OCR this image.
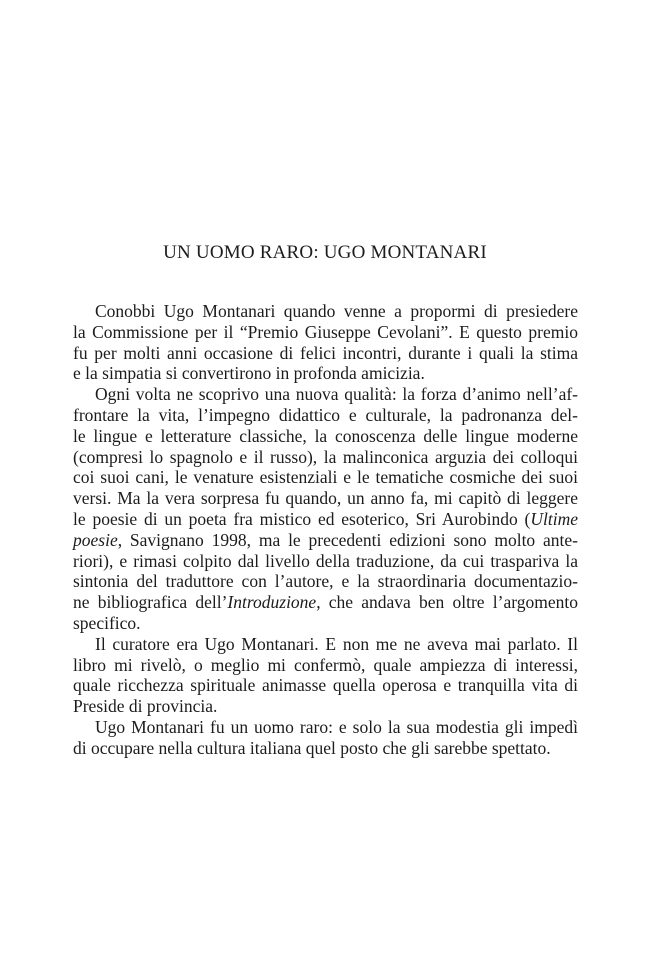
UN UOMO RARO: UGO MONTANARI
Conobbi Ugo Montanari quando venne a propormi di presiedere
la Commissione per il “Premio Giuseppe Cevolani”. E questo premio
fu per molti anni occasione di felici incontri, durante i quali la stima
e la simpatia si convertirono in profonda amicizia.
Ogni volta ne scoprivo una nuova qualità: la forza d’animo nell’af-
frontare la vita, l’impegno didattico e culturale, la padronanza del-
le lingue e letterature classiche, la conoscenza delle lingue moderne
(compresi lo spagnolo e il russo), la malinconica arguzia dei colloqui
coi suoi cani, le venature esistenziali e le tematiche cosmiche dei suoi
versi. Ma la vera sorpresa fu quando, un anno fa, mi capitò di leggere
le poesie di un poeta fra mistico ed esoterico, Sri Aurobindo (Ultime
poesie, Savignano 1998, ma le precedenti edizioni sono molto ante-
riori), e rimasi colpito dal livello della traduzione, da cui traspariva la
sintonia del traduttore con l’autore, e la straordinaria documentazio-
ne bibliografica dell’Introduzione, che andava ben oltre l’argomento
specifico.
Il curatore era Ugo Montanari. E non me ne aveva mai parlato. Il
libro mi rivelò, o meglio mi confermò, quale ampiezza di interessi,
quale ricchezza spirituale animasse quella operosa e tranquilla vita di
Preside di provincia.
Ugo Montanari fu un uomo raro: e solo la sua modestia gli impedì
di occupare nella cultura italiana quel posto che gli sarebbe spettato.
